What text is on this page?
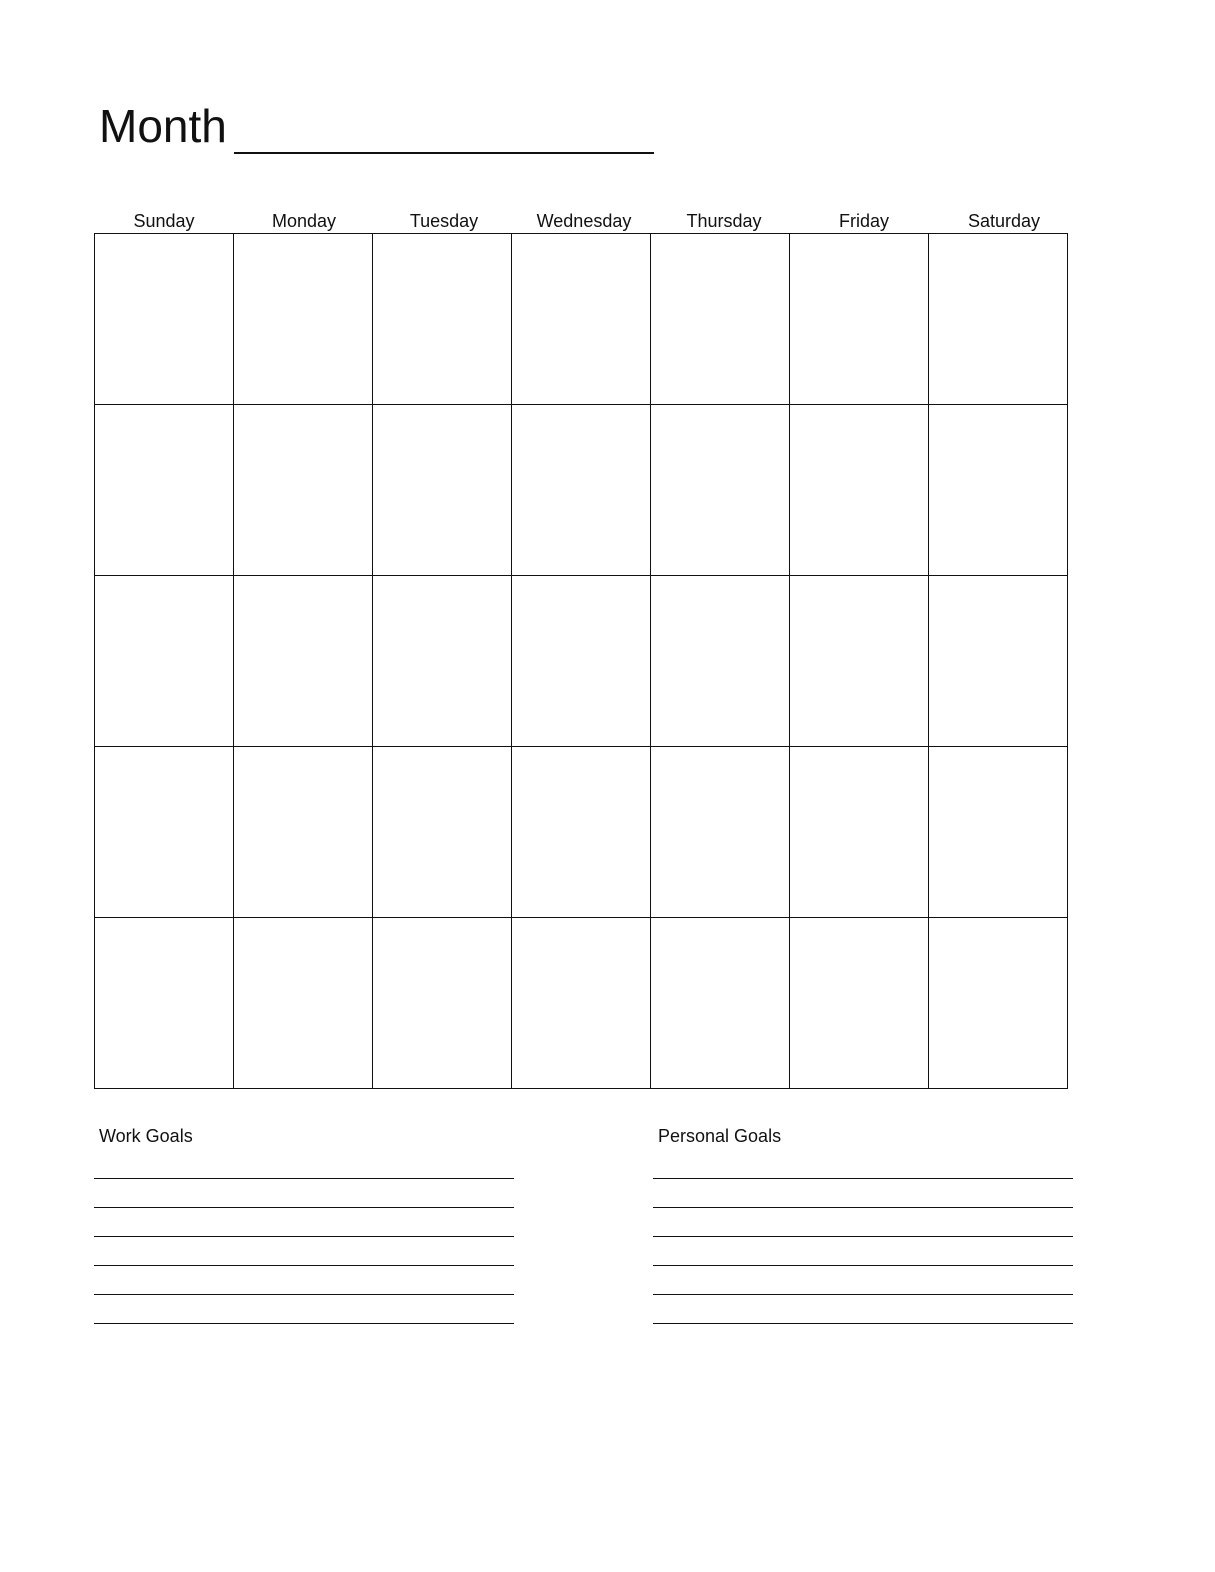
Month
Sunday	Monday	Tuesday	Wednesday	Thursday	Friday	Saturday

Work Goals	Personal Goals
